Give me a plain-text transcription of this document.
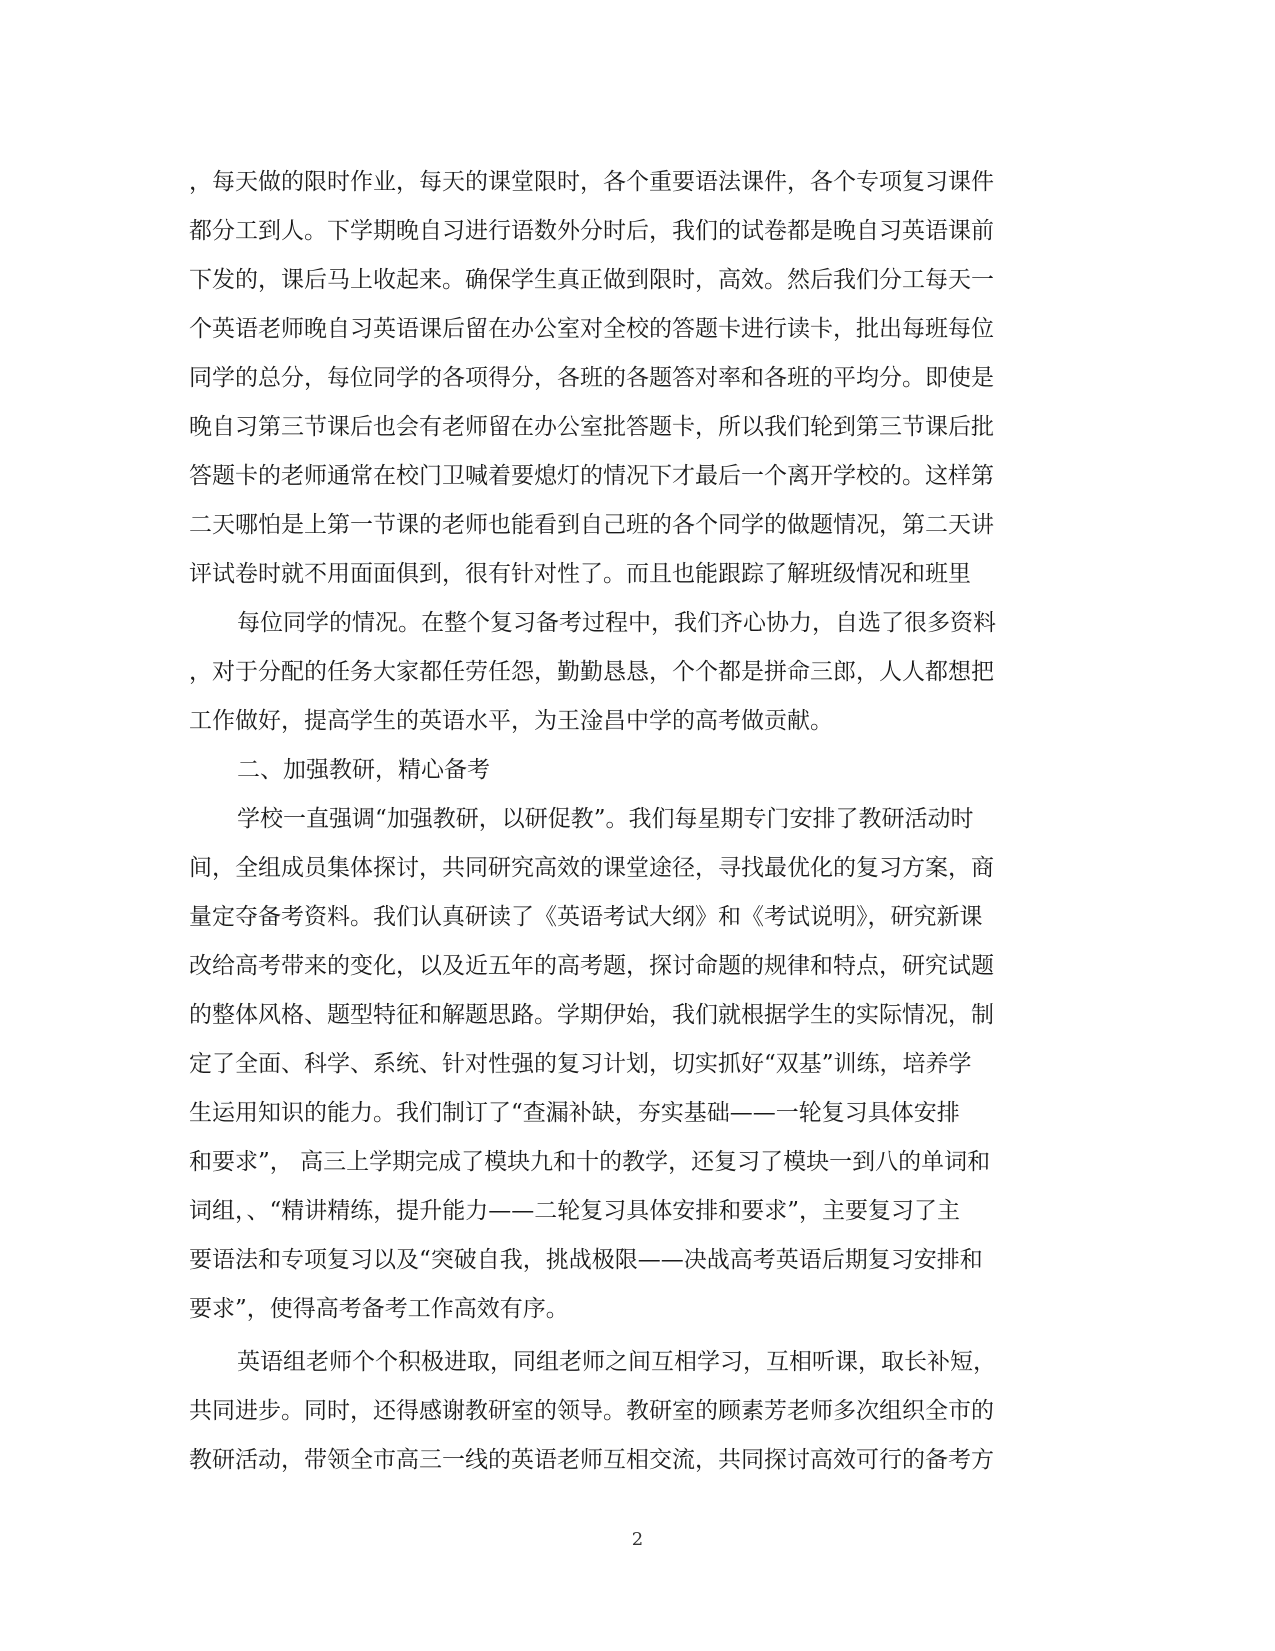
，每天做的限时作业，每天的课堂限时，各个重要语法课件，各个专项复习课件
都分工到人。下学期晚自习进行语数外分时后，我们的试卷都是晚自习英语课前
下发的，课后马上收起来。确保学生真正做到限时，高效。然后我们分工每天一
个英语老师晚自习英语课后留在办公室对全校的答题卡进行读卡，批出每班每位
同学的总分，每位同学的各项得分，各班的各题答对率和各班的平均分。即使是
晚自习第三节课后也会有老师留在办公室批答题卡，所以我们轮到第三节课后批
答题卡的老师通常在校门卫喊着要熄灯的情况下才最后一个离开学校的。这样第
二天哪怕是上第一节课的老师也能看到自己班的各个同学的做题情况，第二天讲
评试卷时就不用面面俱到，很有针对性了。而且也能跟踪了解班级情况和班里
每位同学的情况。在整个复习备考过程中，我们齐心协力，自选了很多资料
，对于分配的任务大家都任劳任怨，勤勤恳恳，个个都是拼命三郎，人人都想把
工作做好，提高学生的英语水平，为王淦昌中学的高考做贡献。
二、加强教研，精心备考
学校一直强调“加强教研，以研促教”。我们每星期专门安排了教研活动时
间，全组成员集体探讨，共同研究高效的课堂途径，寻找最优化的复习方案，商
量定夺备考资料。我们认真研读了《英语考试大纲》和《考试说明》，研究新课
改给高考带来的变化，以及近五年的高考题，探讨命题的规律和特点，研究试题
的整体风格、题型特征和解题思路。学期伊始，我们就根据学生的实际情况，制
定了全面、科学、系统、针对性强的复习计划，切实抓好“双基”训练，培养学
生运用知识的能力。我们制订了“查漏补缺，夯实基础——一轮复习具体安排
和要求”， 高三上学期完成了模块九和十的教学，还复习了模块一到八的单词和
词组，、“精讲精练，提升能力——二轮复习具体安排和要求”，主要复习了主
要语法和专项复习以及“突破自我，挑战极限——决战高考英语后期复习安排和
要求”，使得高考备考工作高效有序。
英语组老师个个积极进取，同组老师之间互相学习，互相听课，取长补短，
共同进步。同时，还得感谢教研室的领导。教研室的顾素芳老师多次组织全市的
教研活动，带领全市高三一线的英语老师互相交流，共同探讨高效可行的备考方
2
